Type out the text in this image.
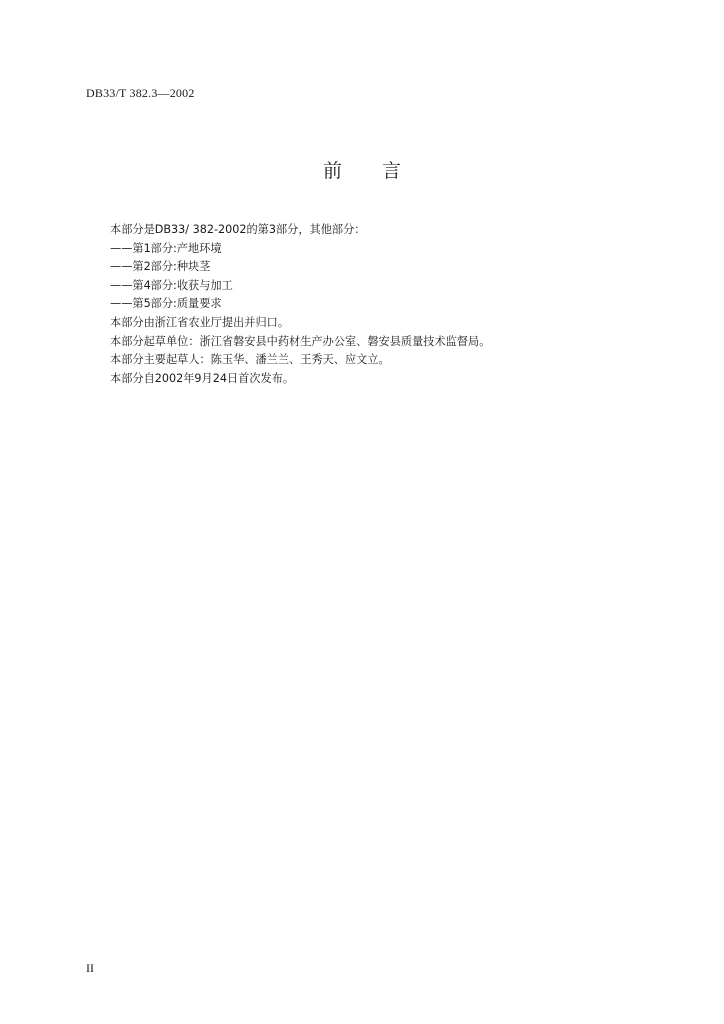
DB33/T 382.3—2002
前 言
本部分是DB33/ 382-2002的第3部分，其他部分：
——第1部分:产地环境
——第2部分:种块茎
——第4部分:收获与加工
——第5部分:质量要求
本部分由浙江省农业厅提出并归口。
本部分起草单位：浙江省磐安县中药材生产办公室、磐安县质量技术监督局。
本部分主要起草人：陈玉华、潘兰兰、王秀天、应文立。
本部分自2002年9月24日首次发布。
II
